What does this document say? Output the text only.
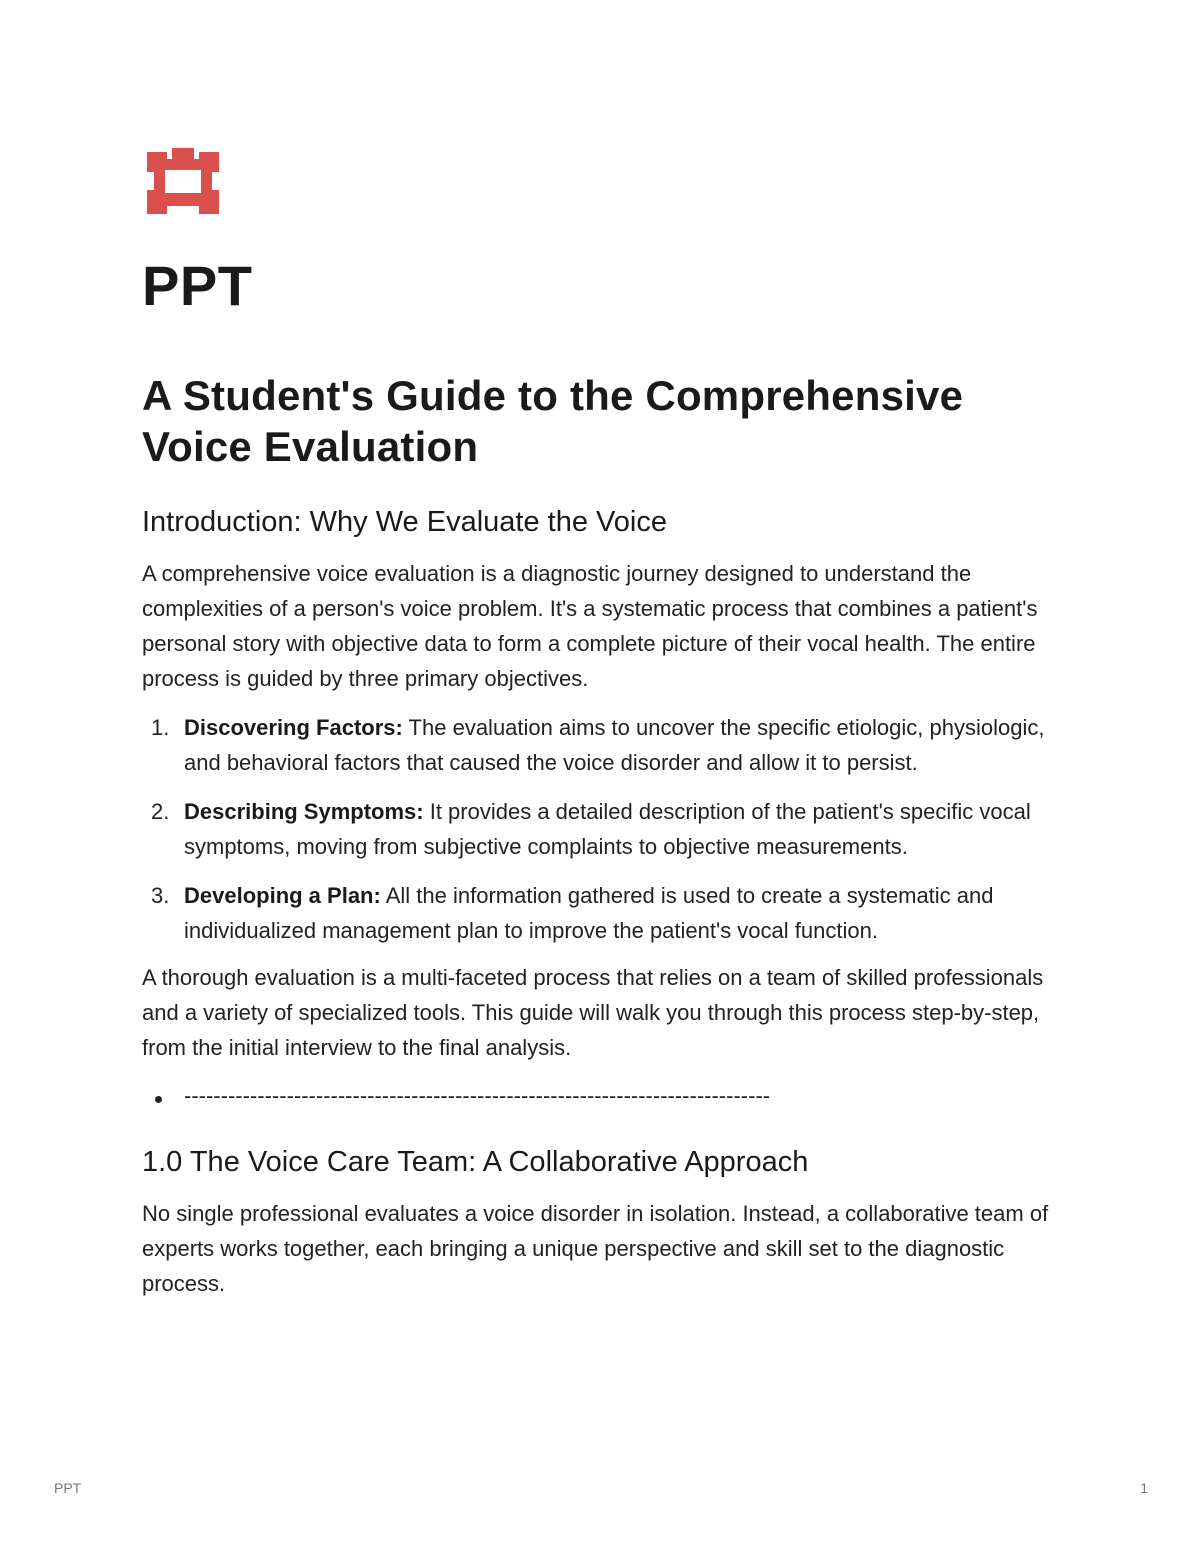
PPT
A Student's Guide to the Comprehensive
Voice Evaluation
Introduction: Why We Evaluate the Voice

A comprehensive voice evaluation is a diagnostic journey designed to understand the complexities of a person's voice problem. It's a systematic process that combines a patient's personal story with objective data to form a complete picture of their vocal health. The entire process is guided by three primary objectives.

1. Discovering Factors: The evaluation aims to uncover the specific etiologic, physiologic, and behavioral factors that caused the voice disorder and allow it to persist.
2. Describing Symptoms: It provides a detailed description of the patient's specific vocal symptoms, moving from subjective complaints to objective measurements.
3. Developing a Plan: All the information gathered is used to create a systematic and individualized management plan to improve the patient's vocal function.

A thorough evaluation is a multi-faceted process that relies on a team of skilled professionals and a variety of specialized tools. This guide will walk you through this process step-by-step, from the initial interview to the final analysis.

--------------------------------------------------------------------------------
1.0 The Voice Care Team: A Collaborative Approach

No single professional evaluates a voice disorder in isolation. Instead, a collaborative team of experts works together, each bringing a unique perspective and skill set to the diagnostic process.

PPT	1
